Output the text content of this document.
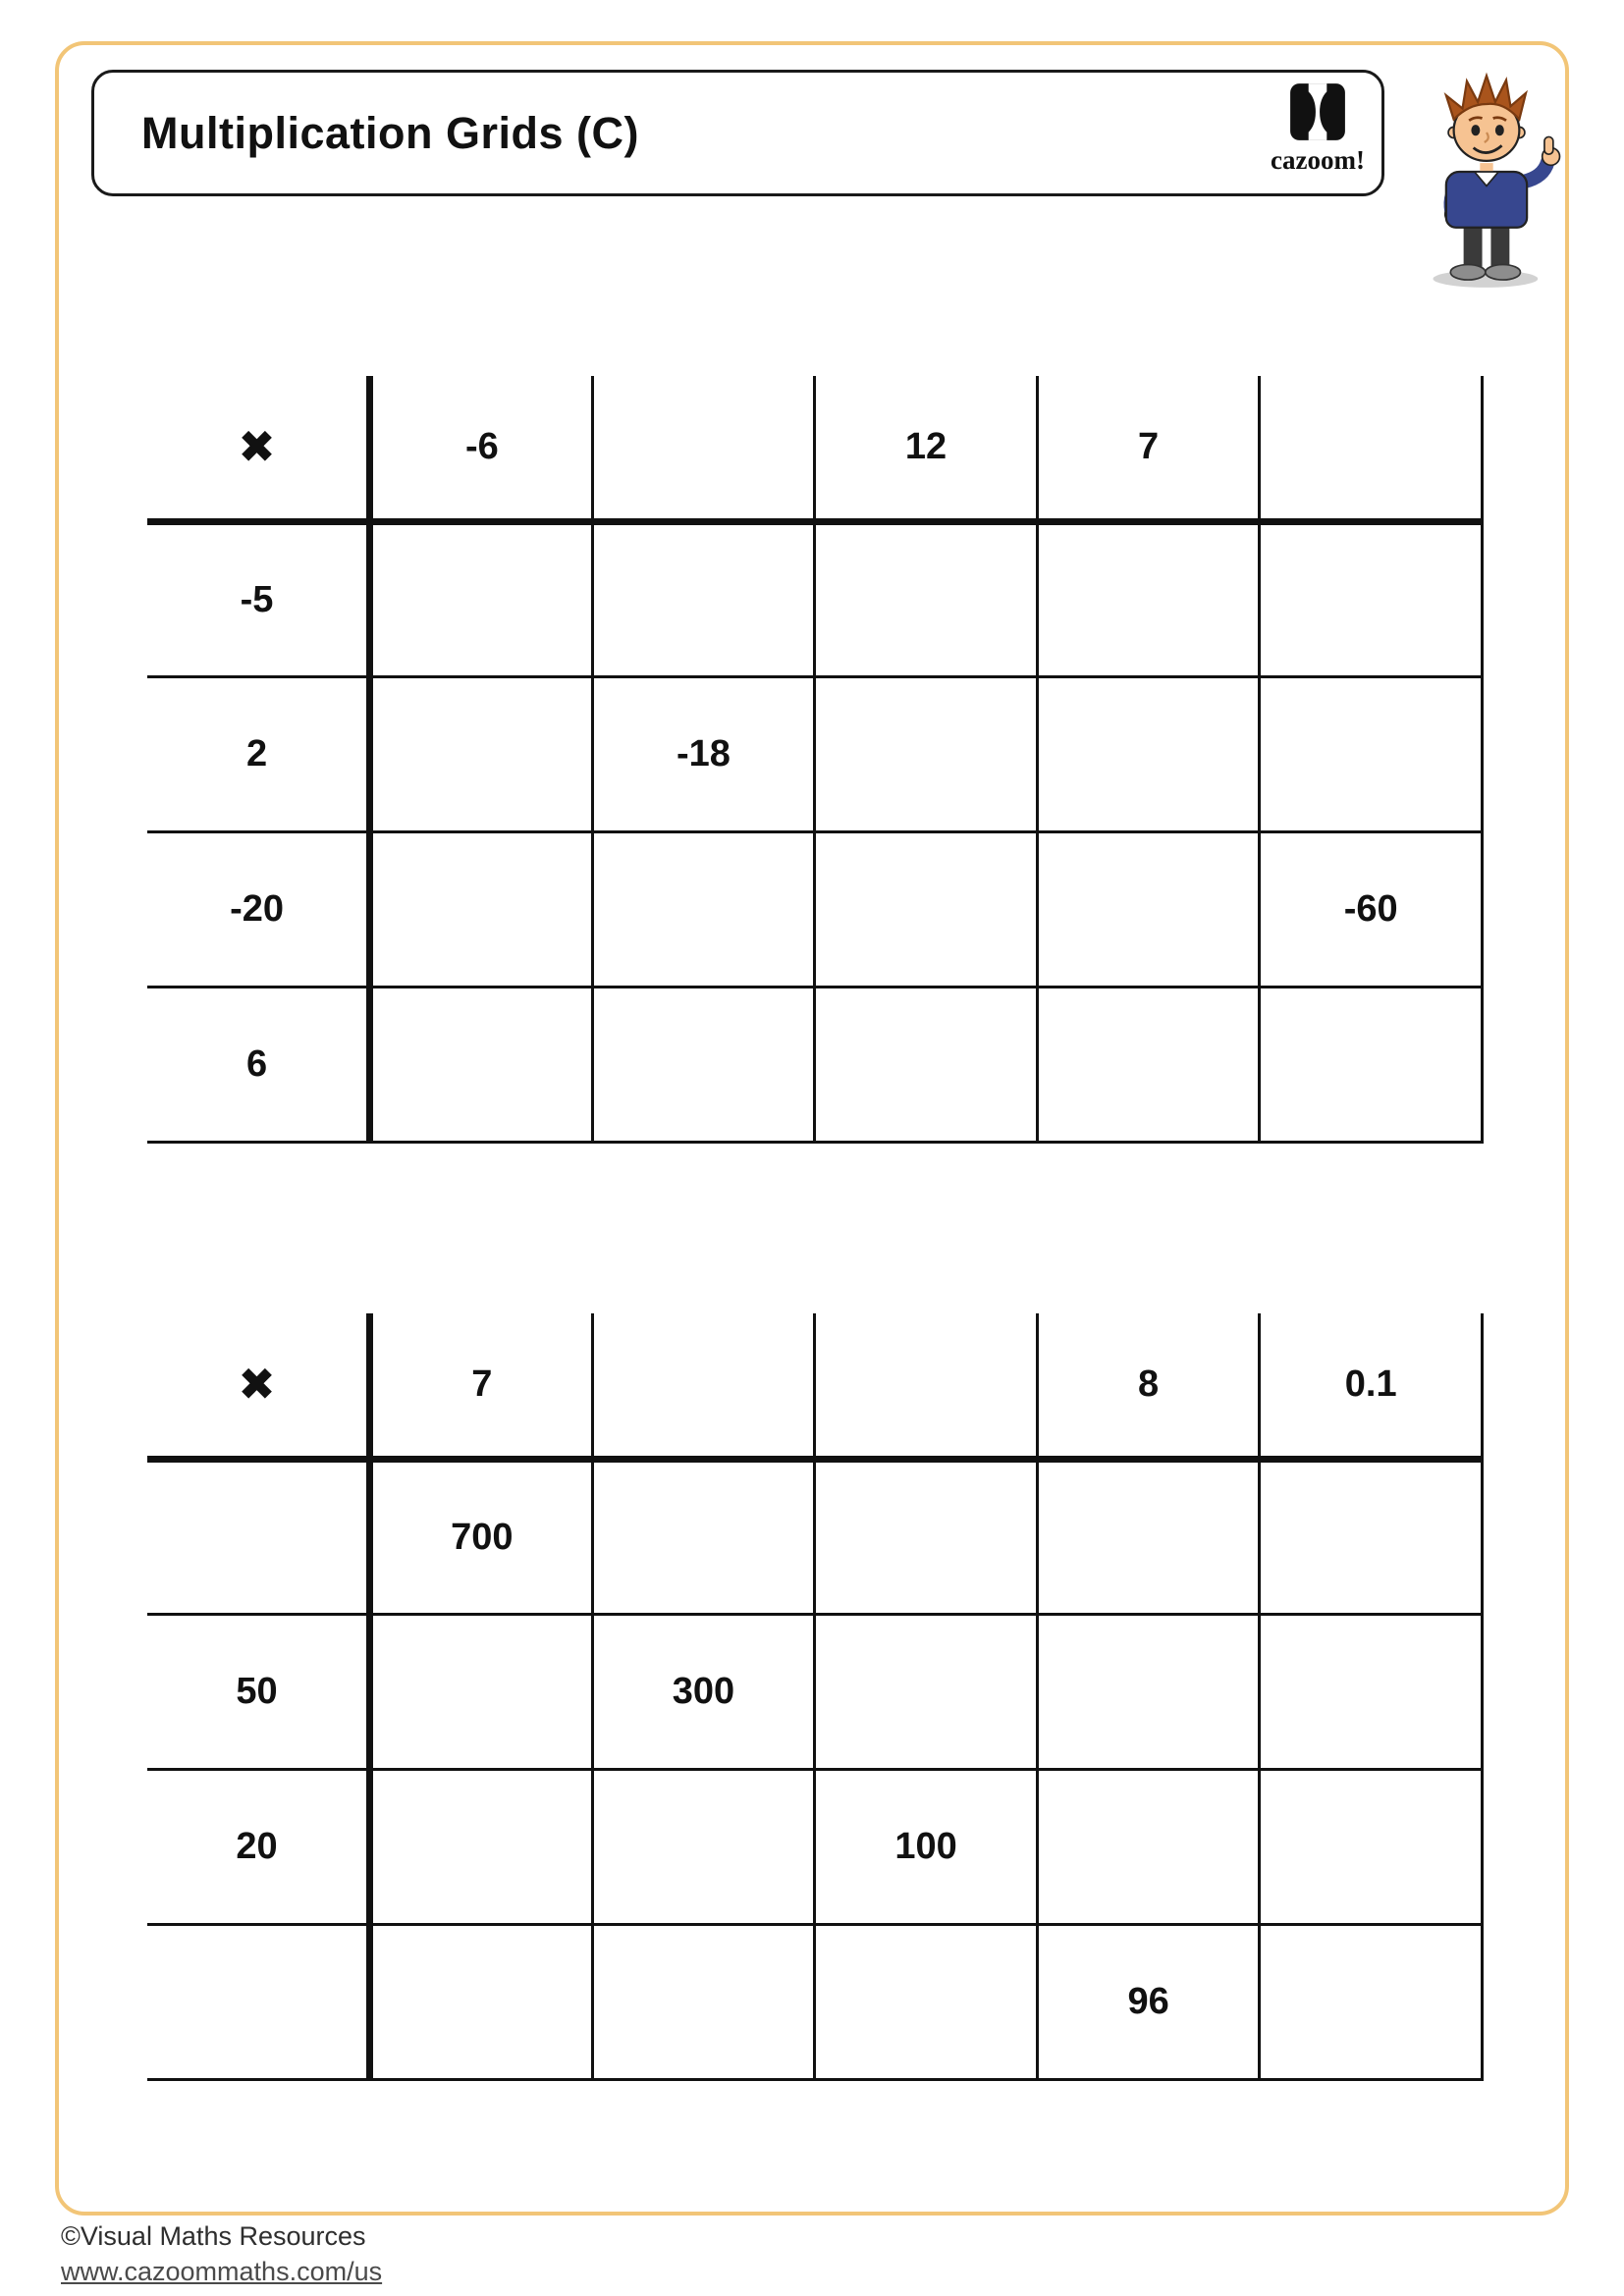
Multiplication Grids (C)
cazoom!
✖	-6		12	7	
-5					
2		-18			
-20					-60
6					
✖	7			8	0.1
	700				
50		300			
20			100		
				96	
©Visual Maths Resources
www.cazoommaths.com/us
